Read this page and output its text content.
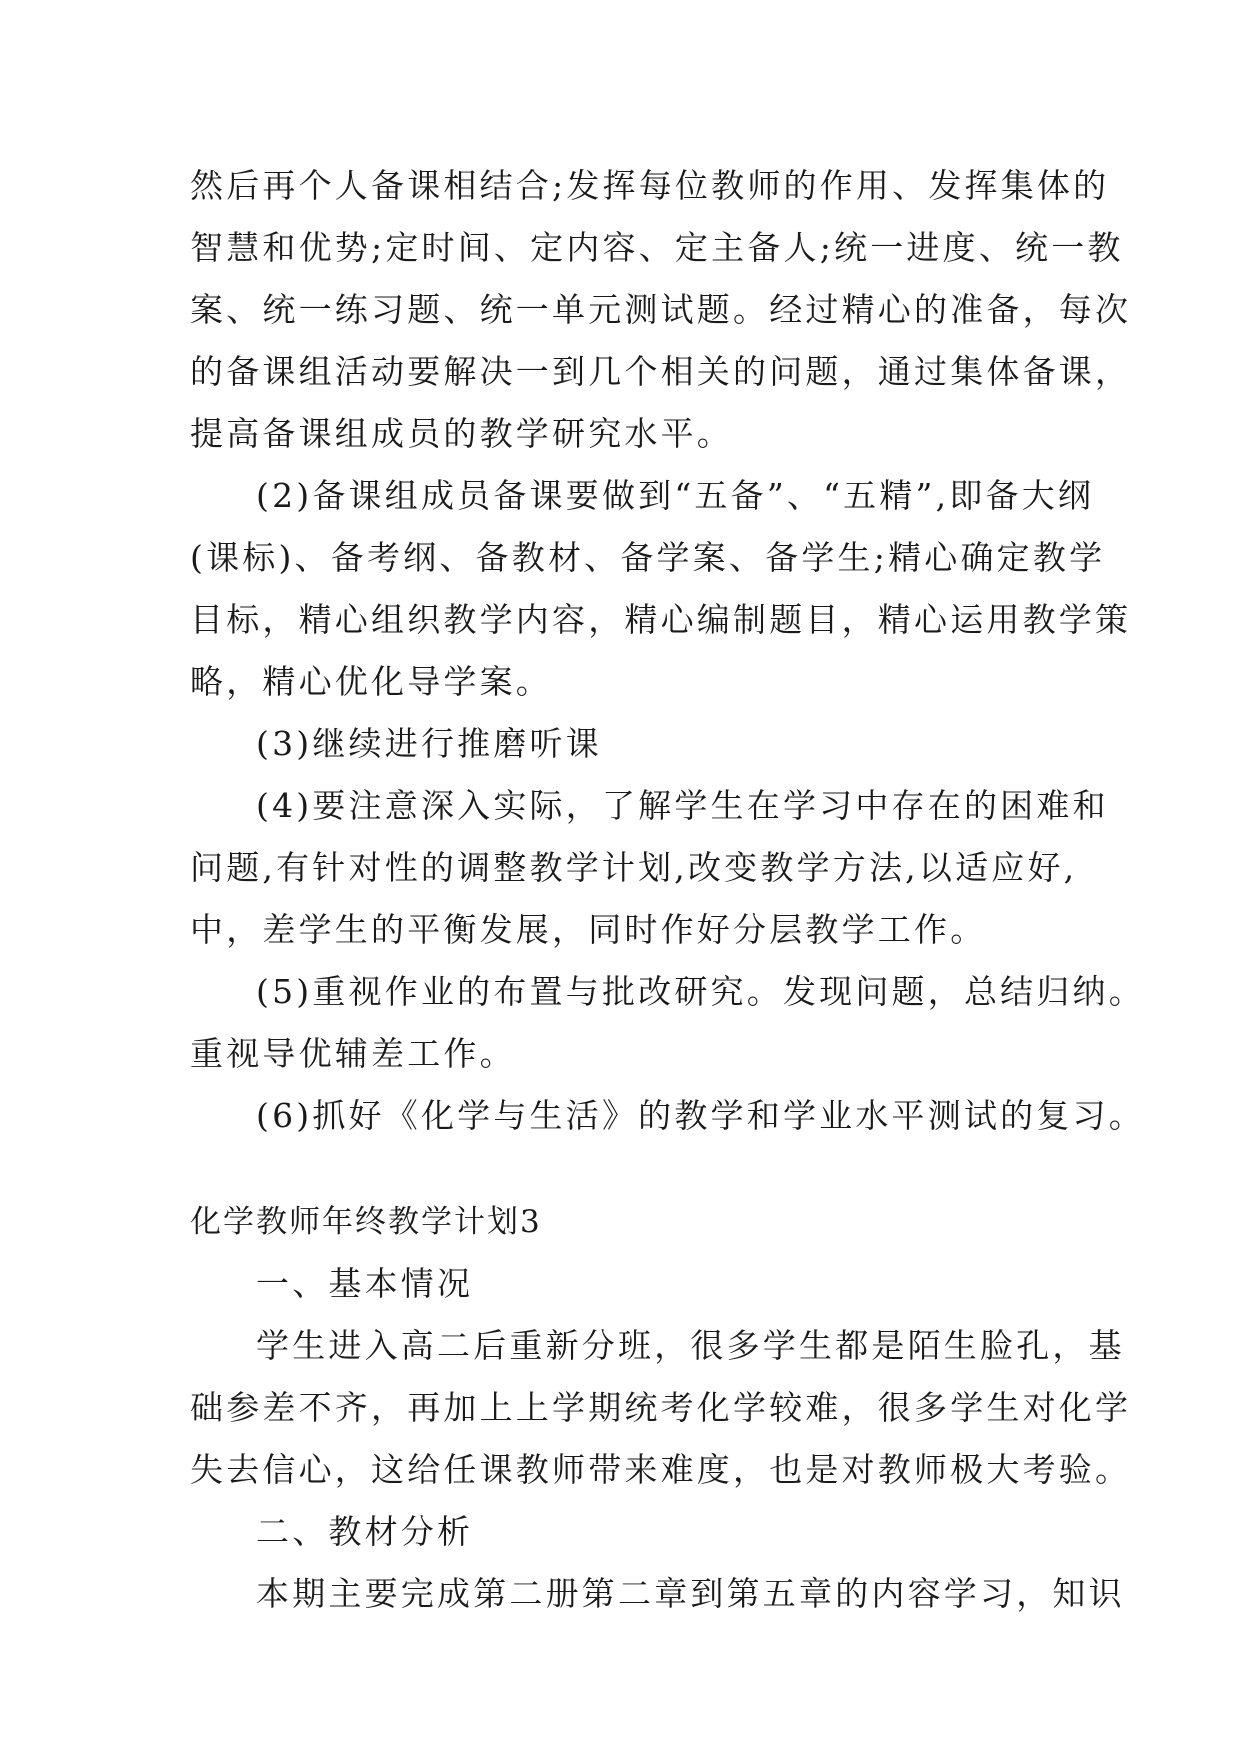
然后再个人备课相结合;发挥每位教师的作用、发挥集体的
智慧和优势;定时间、定内容、定主备人;统一进度、统一教
案、统一练习题、统一单元测试题。经过精心的准备，每次
的备课组活动要解决一到几个相关的问题，通过集体备课，
提高备课组成员的教学研究水平。
(2)备课组成员备课要做到“五备”、“五精”,即备大纲
(课标)、备考纲、备教材、备学案、备学生;精心确定教学
目标，精心组织教学内容，精心编制题目，精心运用教学策
略，精心优化导学案。
(3)继续进行推磨听课
(4)要注意深入实际，了解学生在学习中存在的困难和
问题,有针对性的调整教学计划,改变教学方法,以适应好,
中，差学生的平衡发展，同时作好分层教学工作。
(5)重视作业的布置与批改研究。发现问题，总结归纳。
重视导优辅差工作。
(6)抓好《化学与生活》的教学和学业水平测试的复习。
化学教师年终教学计划3
一、基本情况
学生进入高二后重新分班，很多学生都是陌生脸孔，基
础参差不齐，再加上上学期统考化学较难，很多学生对化学
失去信心，这给任课教师带来难度，也是对教师极大考验。
二、教材分析
本期主要完成第二册第二章到第五章的内容学习，知识
